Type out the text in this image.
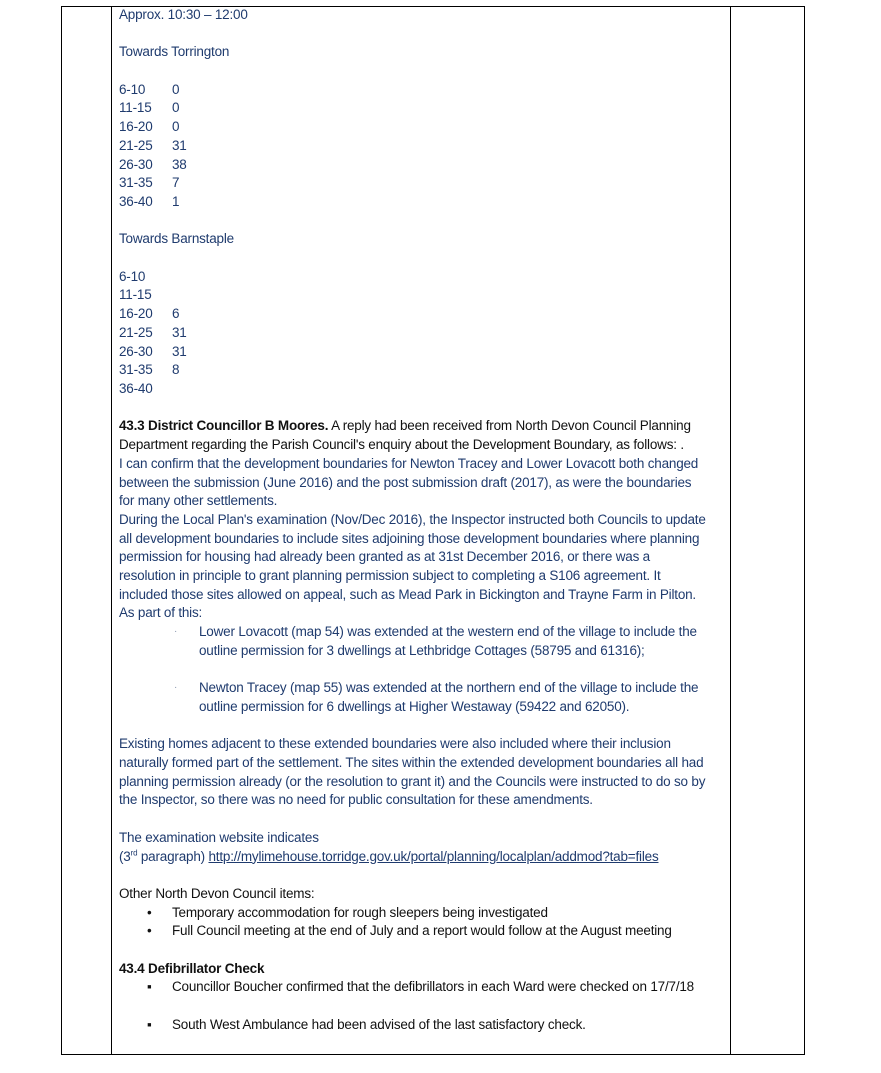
Approx. 10:30 – 12:00

Towards Torrington

6-10	0
11-15	0
16-20	0
21-25	31
26-30	38
31-35	7
36-40	1

Towards Barnstaple

6-10
11-15
16-20	6
21-25	31
26-30	31
31-35	8
36-40

43.3 District Councillor B Moores. A reply had been received from North Devon Council Planning

Department regarding the Parish Council's enquiry about the Development Boundary, as follows: .

I can confirm that the development boundaries for Newton Tracey and Lower Lovacott both changed

between the submission (June 2016) and the post submission draft (2017), as were the boundaries

for many other settlements.

During the Local Plan's examination (Nov/Dec 2016), the Inspector instructed both Councils to update

all development boundaries to include sites adjoining those development boundaries where planning

permission for housing had already been granted as at 31st December 2016, or there was a

resolution in principle to grant planning permission subject to completing a S106 agreement. It

included those sites allowed on appeal, such as Mead Park in Bickington and Trayne Farm in Pilton.

As part of this:

· Lower Lovacott (map 54) was extended at the western end of the village to include the

outline permission for 3 dwellings at Lethbridge Cottages (58795 and 61316);

· Newton Tracey (map 55) was extended at the northern end of the village to include the

outline permission for 6 dwellings at Higher Westaway (59422 and 62050).

Existing homes adjacent to these extended boundaries were also included where their inclusion

naturally formed part of the settlement. The sites within the extended development boundaries all had

planning permission already (or the resolution to grant it) and the Councils were instructed to do so by

the Inspector, so there was no need for public consultation for these amendments.

The examination website indicates

(3rd paragraph) http://mylimehouse.torridge.gov.uk/portal/planning/localplan/addmod?tab=files

Other North Devon Council items:

• Temporary accommodation for rough sleepers being investigated
• Full Council meeting at the end of July and a report would follow at the August meeting

43.4 Defibrillator Check

▪ Councillor Boucher confirmed that the defibrillators in each Ward were checked on 17/7/18
▪ South West Ambulance had been advised of the last satisfactory check.
